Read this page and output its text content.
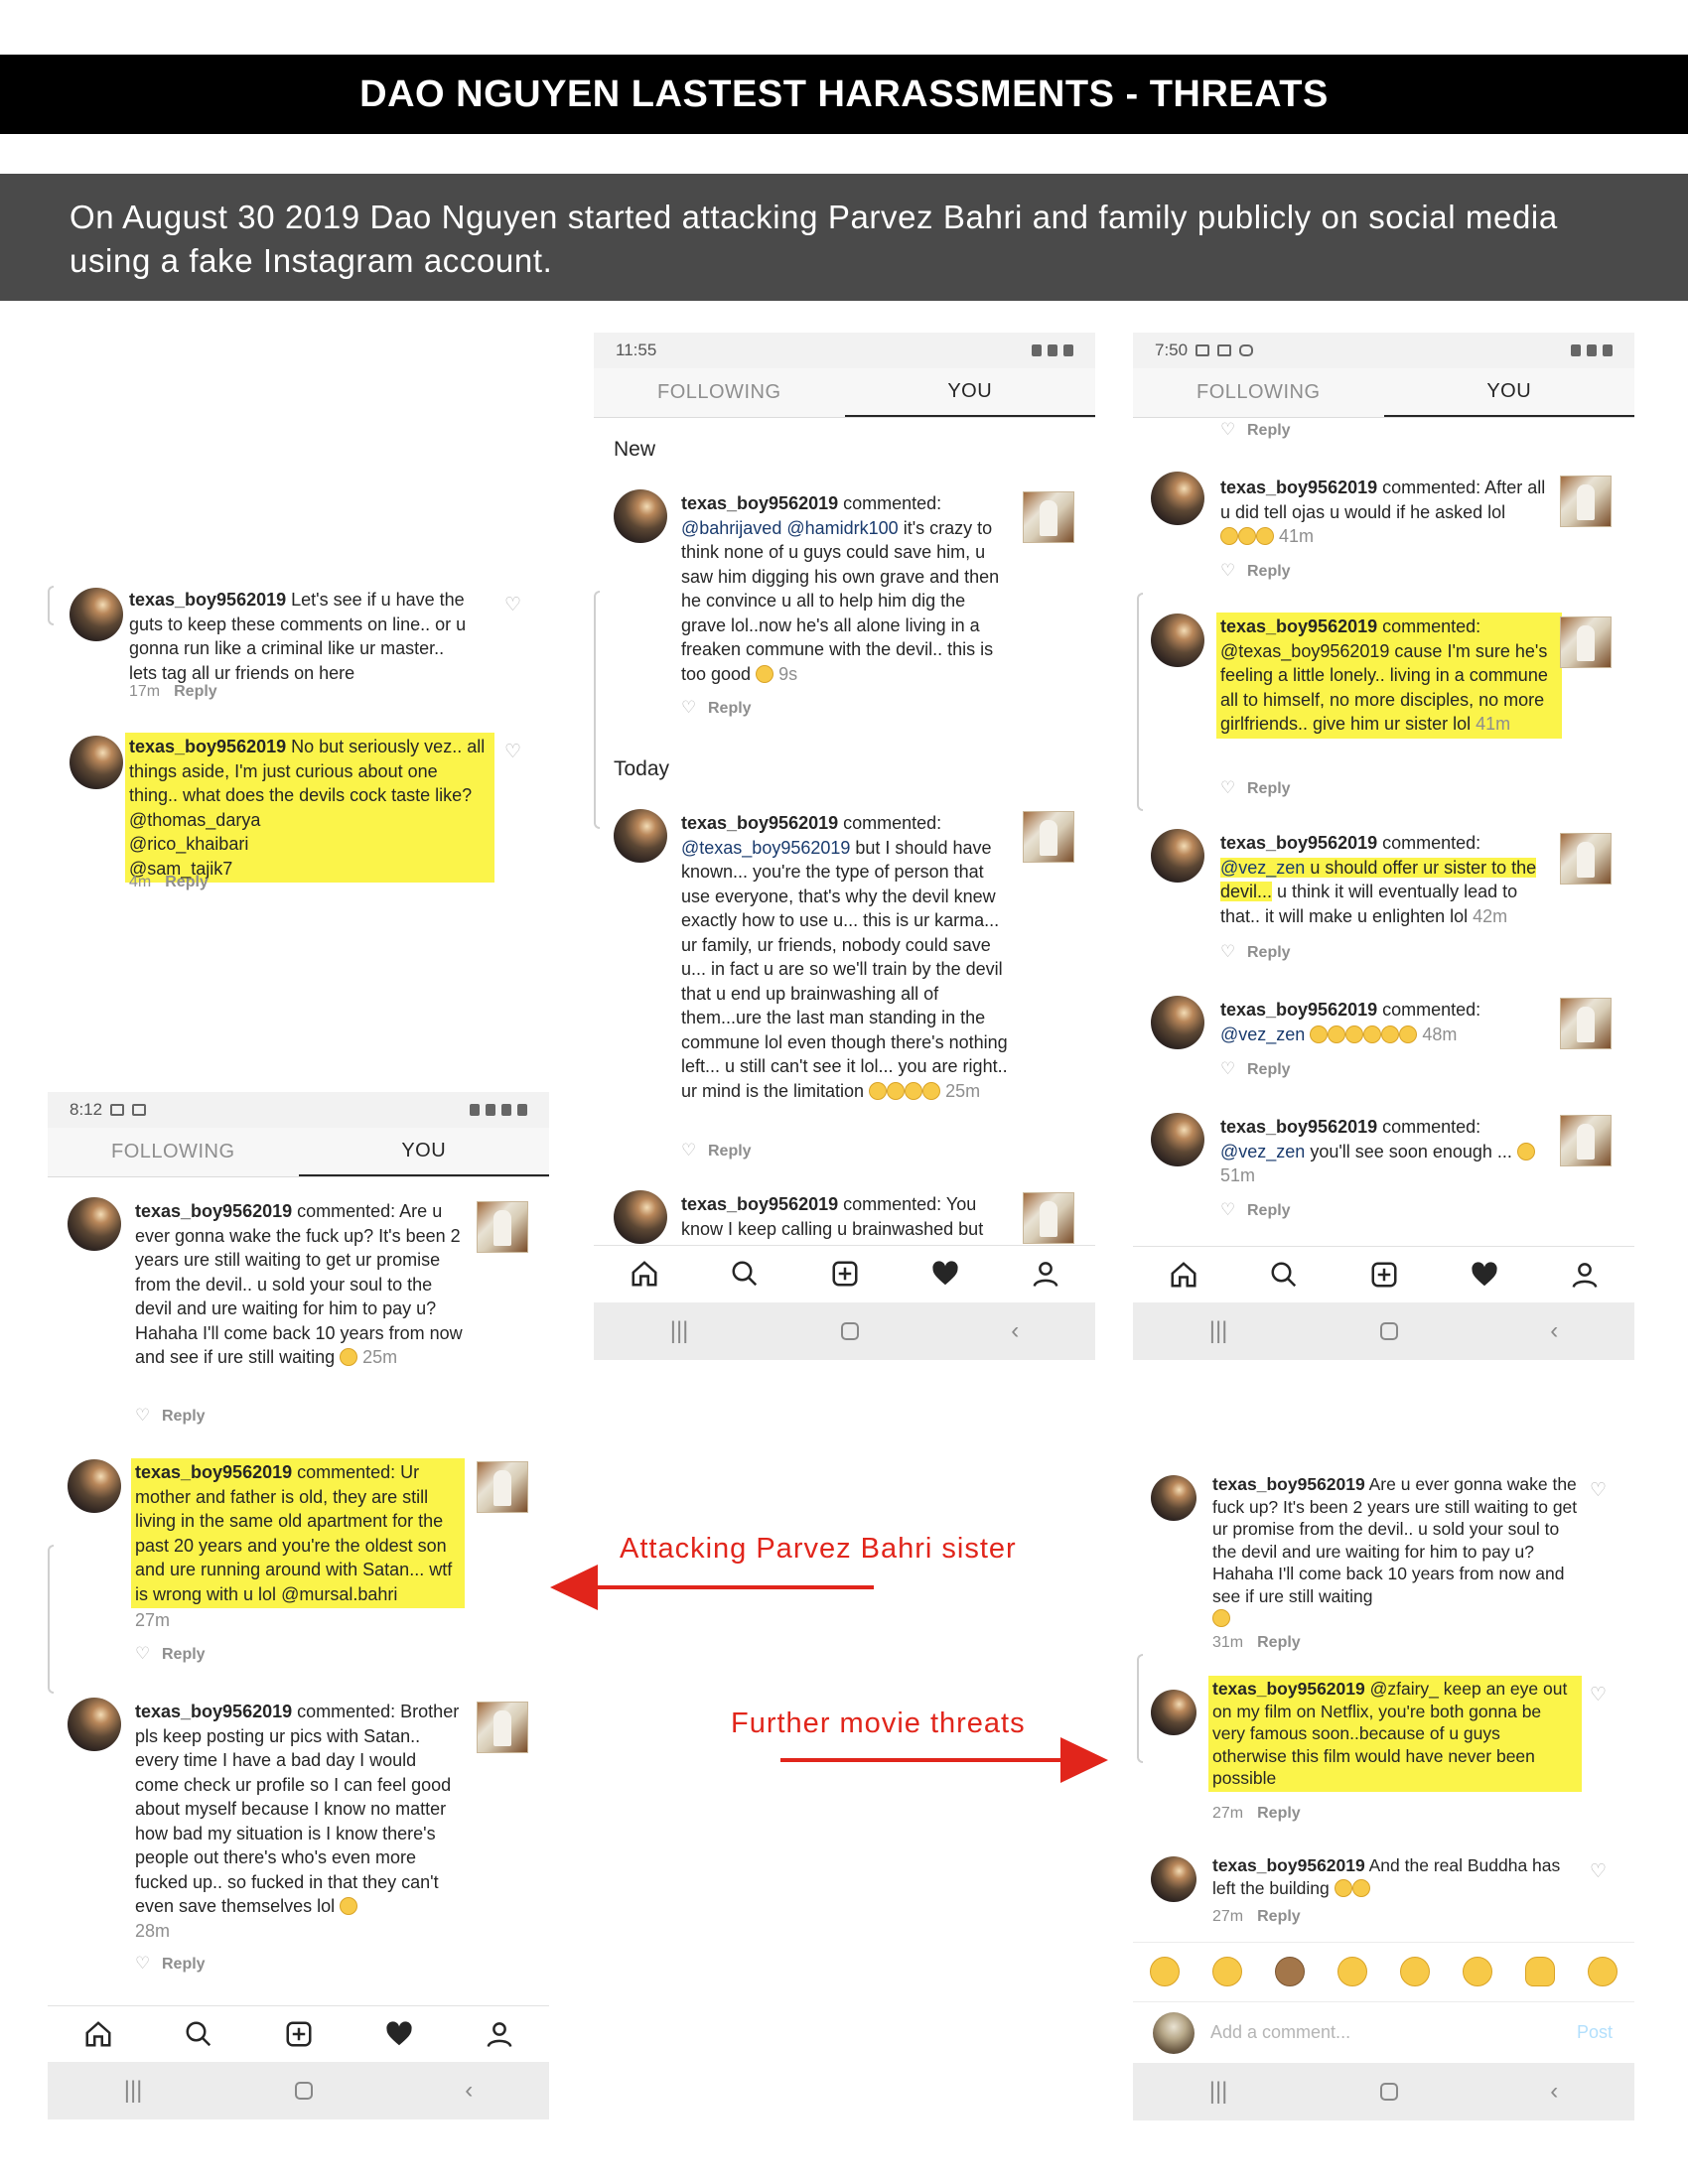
DAO NGUYEN LASTEST HARASSMENTS - THREATS
On August 30 2019 Dao Nguyen started attacking Parvez Bahri and family publicly on social media using a fake Instagram account.
texas_boy9562019 Let's see if u have the guts to keep these comments on line.. or u gonna run like a criminal like ur master.. lets tag all ur friends on here
♡
17m Reply
texas_boy9562019 No but seriously vez.. all things aside, I'm just curious about one thing.. what does the devils cock taste like?
@thomas_darya
@rico_khaibari
@sam_tajik7
♡
4m Reply
11:55
FOLLOWING	YOU
New
texas_boy9562019 commented: @bahrijaved @hamidrk100 it's crazy to think none of u guys could save him, u saw him digging his own grave and then he convince u all to help him dig the grave lol..now he's all alone living in a freaken commune with the devil.. this is too good 9s
♡
Reply
Today
texas_boy9562019 commented: @texas_boy9562019 but I should have known... you're the type of person that use everyone, that's why the devil knew exactly how to use u... this is ur karma... ur family, ur friends, nobody could save u... in fact u are so we'll train by the devil that u end up brainwashing all of them...ure the last man standing in the commune lol even though there's nothing left... u still can't see it lol... you are right.. ur mind is the limitation	25m
♡
Reply
texas_boy9562019 commented: You know I keep calling u brainwashed but
|||	‹
7:50
FOLLOWING	YOU
♡
Reply
texas_boy9562019 commented: After all u did tell ojas u would if he asked lol
41m
♡
Reply
texas_boy9562019 commented: @texas_boy9562019 cause I'm sure he's feeling a little lonely.. living in a commune all to himself, no more disciples, no more girlfriends.. give him ur sister lol 41m
♡
Reply
texas_boy9562019 commented: @vez_zen u should offer ur sister to the devil... u think it will eventually lead to that.. it will make u enlighten lol 42m
♡
Reply
texas_boy9562019 commented:
@vez_zen	48m
♡
Reply
texas_boy9562019 commented:
@vez_zen you'll see soon enough ...
51m
♡
Reply
|||	‹
8:12
FOLLOWING	YOU
texas_boy9562019 commented: Are u ever gonna wake the fuck up? It's been 2 years ure still waiting to get ur promise from the devil.. u sold your soul to the devil and ure waiting for him to pay u? Hahaha I'll come back 10 years from now and see if ure still waiting 25m
♡
Reply
texas_boy9562019 commented: Ur mother and father is old, they are still living in the same old apartment for the past 20 years and you're the oldest son and ure running around with Satan... wtf is wrong with u lol @mursal.bahri
27m
♡
Reply
texas_boy9562019 commented: Brother pls keep posting ur pics with Satan.. every time I have a bad day I would come check ur profile so I can feel good about myself because I know no matter how bad my situation is I know there's people out there's who's even more fucked up.. so fucked in that they can't even save themselves lol
28m
♡
Reply
|||	‹
texas_boy9562019 Are u ever gonna wake the fuck up? It's been 2 years ure still waiting to get ur promise from the devil.. u sold your soul to the devil and ure waiting for him to pay u? Hahaha I'll come back 10 years from now and see if ure still waiting

♡
31m Reply
texas_boy9562019 @zfairy_ keep an eye out on my film on Netflix, you're both gonna be very famous soon..because of u guys otherwise this film would have never been possible
♡
27m Reply
texas_boy9562019 And the real Buddha has left the building
♡
27m Reply
Add a comment...	Post
|||	‹
Attacking Parvez Bahri sister
Further movie threats
